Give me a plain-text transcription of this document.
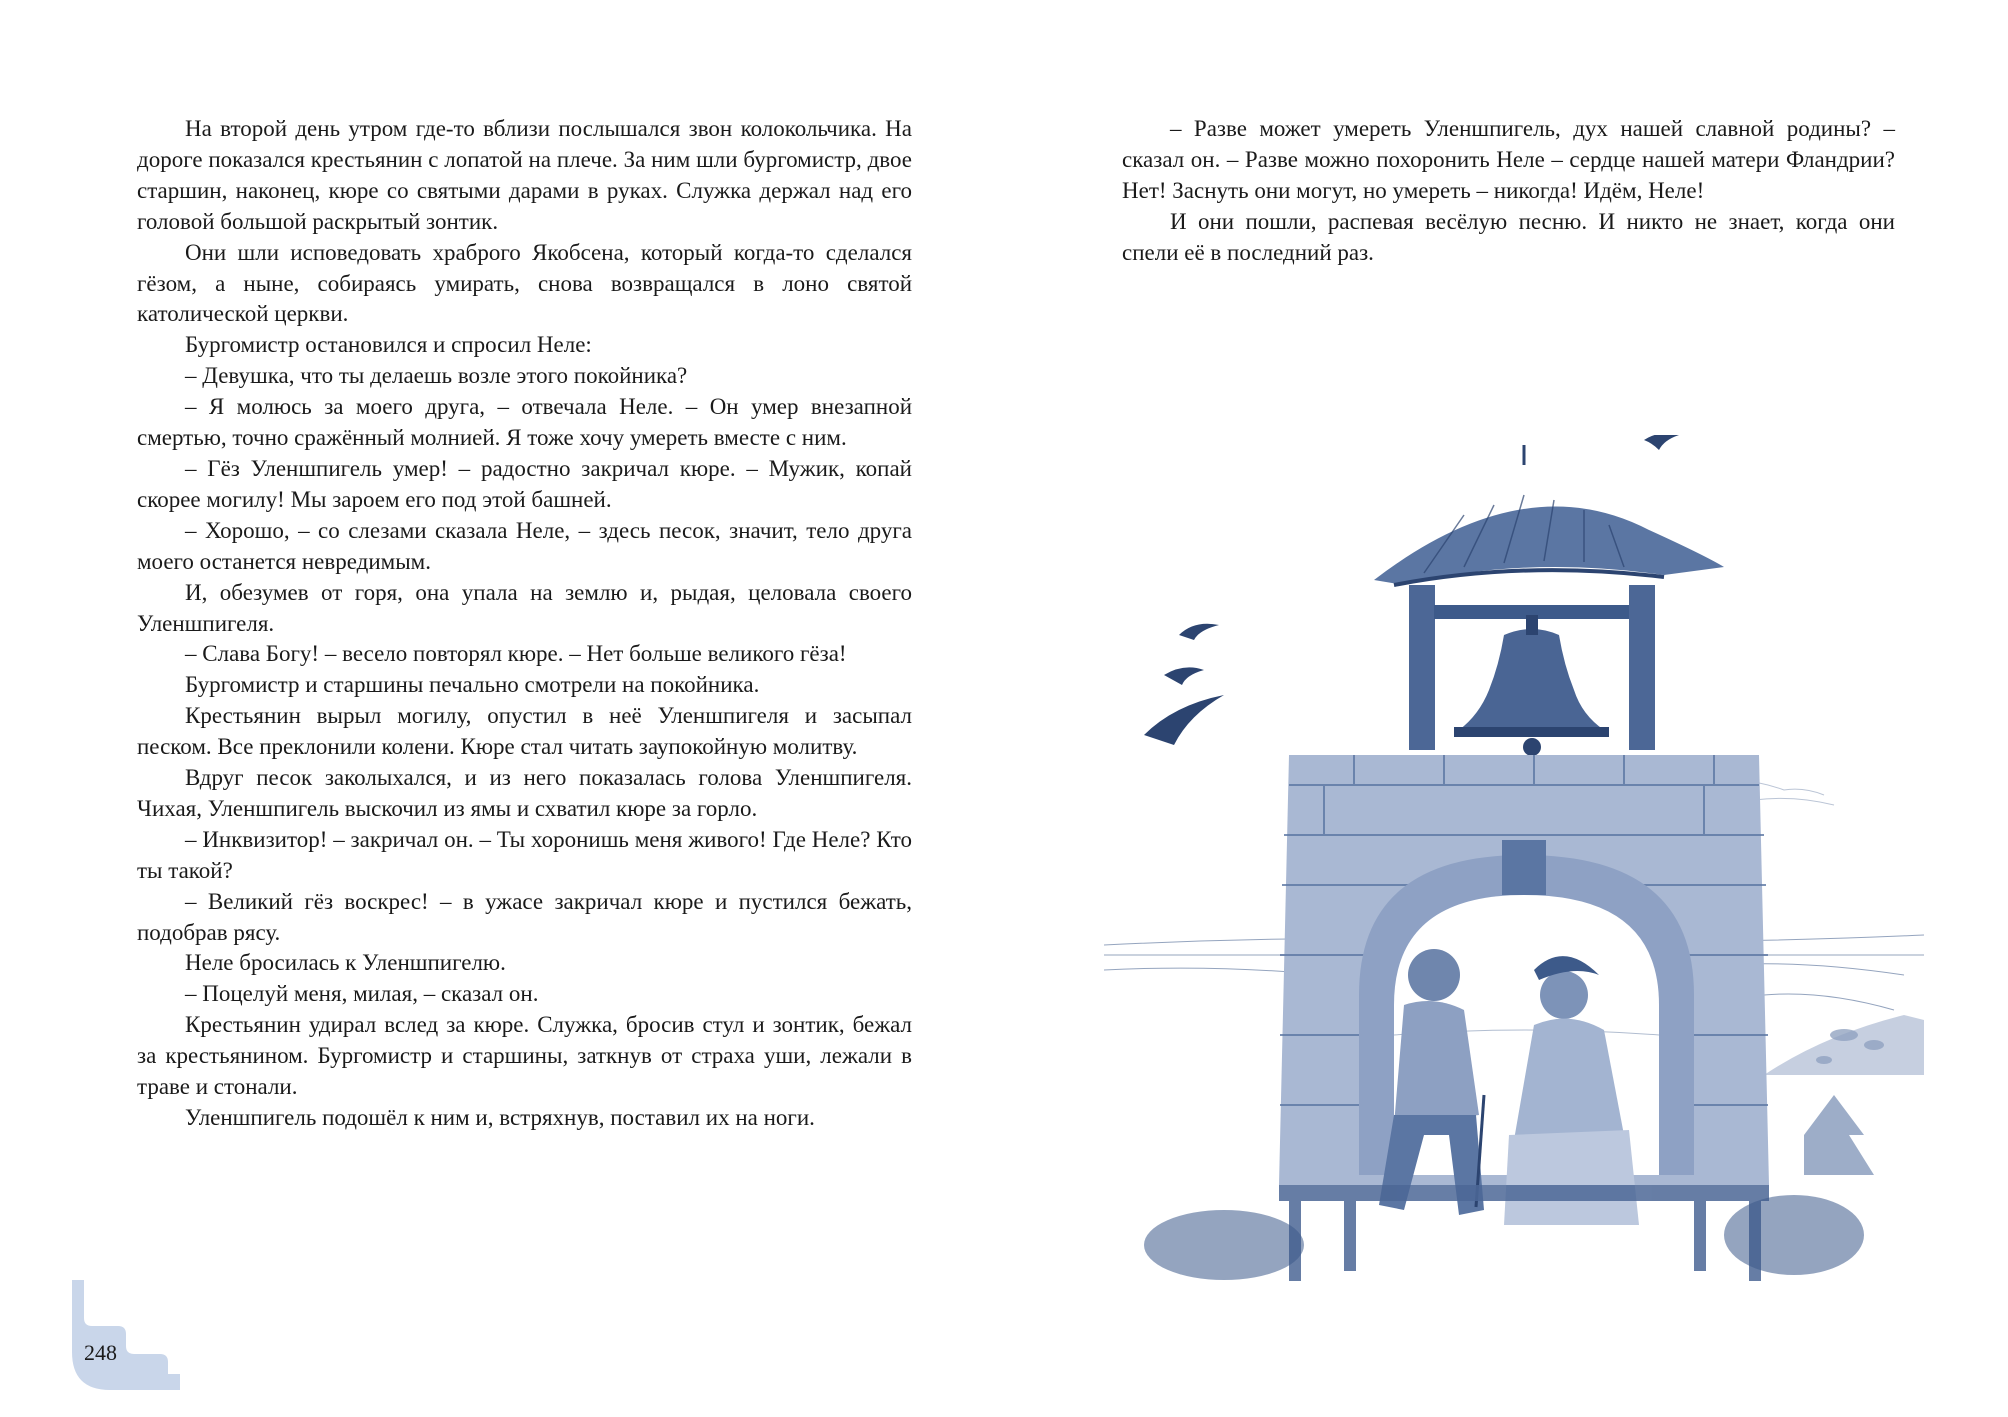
На второй день утром где-то вблизи послышался звон колокольчика. На дороге показался крестьянин с лопатой на плече. За ним шли бургомистр, двое старшин, наконец, кюре со святыми дарами в руках. Служка держал над его головой большой раскрытый зонтик.

Они шли исповедовать храброго Якобсена, который когда-то сделался гёзом, а ныне, собираясь умирать, снова возвращался в лоно святой католической церкви.

Бургомистр остановился и спросил Неле:

– Девушка, что ты делаешь возле этого покойника?

– Я молюсь за моего друга, – отвечала Неле. – Он умер внезапной смертью, точно сражённый молнией. Я тоже хочу умереть вместе с ним.

– Гёз Уленшпигель умер! – радостно закричал кюре. – Мужик, копай скорее могилу! Мы зароем его под этой башней.

– Хорошо, – со слезами сказала Неле, – здесь песок, значит, тело друга моего останется невредимым.

И, обезумев от горя, она упала на землю и, рыдая, целовала своего Уленшпигеля.

– Слава Богу! – весело повторял кюре. – Нет больше великого гёза!

Бургомистр и старшины печально смотрели на покойника.

Крестьянин вырыл могилу, опустил в неё Уленшпигеля и засыпал песком. Все преклонили колени. Кюре стал читать заупокойную молитву.

Вдруг песок заколыхался, и из него показалась голова Уленшпигеля. Чихая, Уленшпигель выскочил из ямы и схватил кюре за горло.

– Инквизитор! – закричал он. – Ты хоронишь меня живого! Где Неле? Кто ты такой?

– Великий гёз воскрес! – в ужасе закричал кюре и пустился бежать, подобрав рясу.

Неле бросилась к Уленшпигелю.

– Поцелуй меня, милая, – сказал он.

Крестьянин удирал вслед за кюре. Служка, бросив стул и зонтик, бежал за крестьянином. Бургомистр и старшины, заткнув от страха уши, лежали в траве и стонали.

Уленшпигель подошёл к ним и, встряхнув, поставил их на ноги.

248

– Разве может умереть Уленшпигель, дух нашей славной родины? – сказал он. – Разве можно похоронить Неле – сердце нашей матери Фландрии? Нет! Заснуть они могут, но умереть – никогда! Идём, Неле!

И они пошли, распевая весёлую песню. И никто не знает, когда они спели её в последний раз.
